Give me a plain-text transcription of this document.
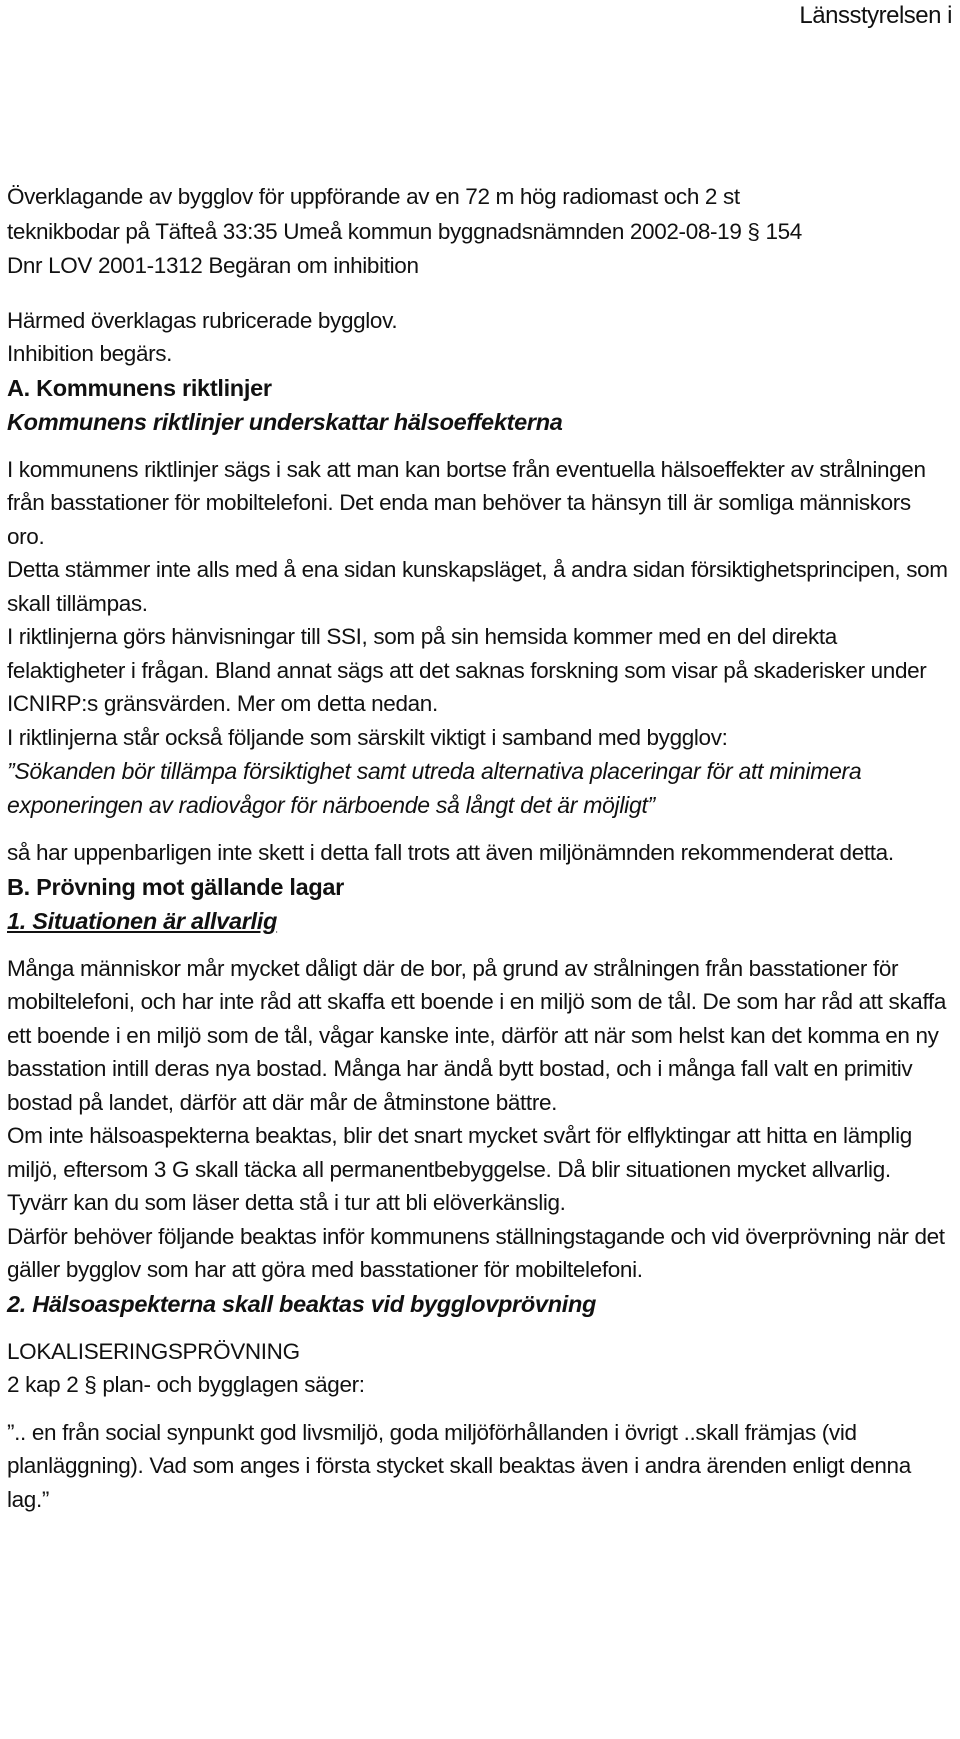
Länsstyrelsen i

Överklagande av bygglov för uppförande av en 72 m hög radiomast och 2 st

teknikbodar på Täfteå 33:35 Umeå kommun byggnadsnämnden 2002-08-19 § 154

Dnr LOV 2001-1312 Begäran om inhibition

Härmed överklagas rubricerade bygglov.

Inhibition begärs.

A. Kommunens riktlinjer

Kommunens riktlinjer underskattar hälsoeffekterna

I kommunens riktlinjer sägs i sak att man kan bortse från eventuella hälsoeffekter av strålningen från basstationer för mobiltelefoni. Det enda man behöver ta hänsyn till är somliga människors oro.

Detta stämmer inte alls med å ena sidan kunskapsläget, å andra sidan försiktighetsprincipen, som skall tillämpas.

I riktlinjerna görs hänvisningar till SSI, som på sin hemsida kommer med en del direkta felaktigheter i frågan. Bland annat sägs att det saknas forskning som visar på skaderisker under ICNIRP:s gränsvärden. Mer om detta nedan.

I riktlinjerna står också följande som särskilt viktigt i samband med bygglov:

”Sökanden bör tillämpa försiktighet samt utreda alternativa placeringar för att minimera exponeringen av radiovågor för närboende så långt det är möjligt”

så har uppenbarligen inte skett i detta fall trots att även miljönämnden rekommenderat detta.

B. Prövning mot gällande lagar

1. Situationen är allvarlig

Många människor mår mycket dåligt där de bor, på grund av strålningen från basstationer för mobiltelefoni, och har inte råd att skaffa ett boende i en miljö som de tål. De som har råd att skaffa ett boende i en miljö som de tål, vågar kanske inte, därför att när som helst kan det komma en ny basstation intill deras nya bostad. Många har ändå bytt bostad, och i många fall valt en primitiv bostad på landet, därför att där mår de åtminstone bättre.

Om inte hälsoaspekterna beaktas, blir det snart mycket svårt för elflyktingar att hitta en lämplig miljö, eftersom 3 G skall täcka all permanentbebyggelse. Då blir situationen mycket allvarlig.

Tyvärr kan du som läser detta stå i tur att bli elöverkänslig.

Därför behöver följande beaktas inför kommunens ställningstagande och vid överprövning när det gäller bygglov som har att göra med basstationer för mobiltelefoni.

2. Hälsoaspekterna skall beaktas vid bygglovprövning

LOKALISERINGSPRÖVNING

2 kap 2 § plan- och bygglagen säger:

”.. en från social synpunkt god livsmiljö, goda miljöförhållanden i övrigt ..skall främjas (vid planläggning). Vad som anges i första stycket skall beaktas även i andra ärenden enligt denna lag.”
